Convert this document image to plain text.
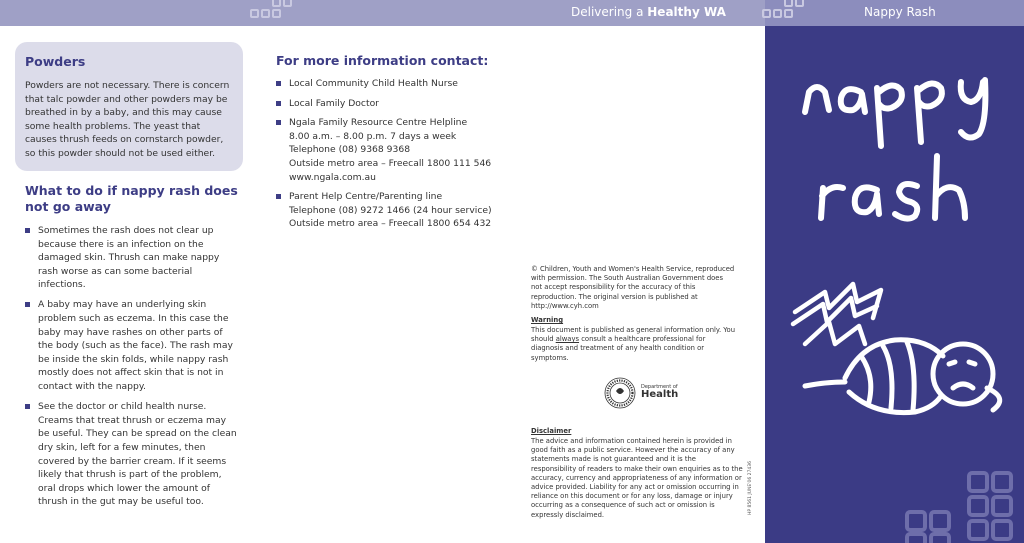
Delivering a Healthy WA	Nappy Rash
Powders

Powders are not necessary. There is concern that talc powder and other powders may be breathed in by a baby, and this may cause some health problems. The yeast that causes thrush feeds on cornstarch powder, so this powder should not be used either.

What to do if nappy rash does not go away
Sometimes the rash does not clear up because there is an infection on the damaged skin. Thrush can make nappy rash worse as can some bacterial infections.
A baby may have an underlying skin problem such as eczema. In this case the baby may have rashes on other parts of the body (such as the face). The rash may be inside the skin folds, while nappy rash mostly does not affect skin that is not in contact with the nappy.
See the doctor or child health nurse. Creams that treat thrush or eczema may be useful. They can be spread on the clean dry skin, left for a few minutes, then covered by the barrier cream. If it seems likely that thrush is part of the problem, oral drops which lower the amount of thrush in the gut may be useful too.
For more information contact:
Local Community Child Health Nurse
Local Family Doctor
Ngala Family Resource Centre Helpline
8.00 a.m. – 8.00 p.m. 7 days a week
Telephone (08) 9368 9368
Outside metro area – Freecall 1800 111 546
www.ngala.com.au
Parent Help Centre/Parenting line
Telephone (08) 9272 1466 (24 hour service)
Outside metro area – Freecall 1800 654 432

© Children, Youth and Women's Health Service, reproduced with permission. The South Australian Government does not accept responsibility for the accuracy of this reproduction. The original version is published at http://www.cyh.com

Warning

This document is published as general information only. You should always consult a healthcare professional for diagnosis and treatment of any health condition or symptoms.

Department of
Health
Disclaimer

The advice and information contained herein is provided in good faith as a public service. However the accuracy of any statements made is not guaranteed and it is the responsibility of readers to make their own enquiries as to the accuracy, currency and appropriateness of any information or advice provided. Liability for any act or omission occurring in reliance on this document or for any loss, damage or injury occurring as a consequence of such act or omission is expressly disclaimed.	HP 8561 JUNE'06 27436
